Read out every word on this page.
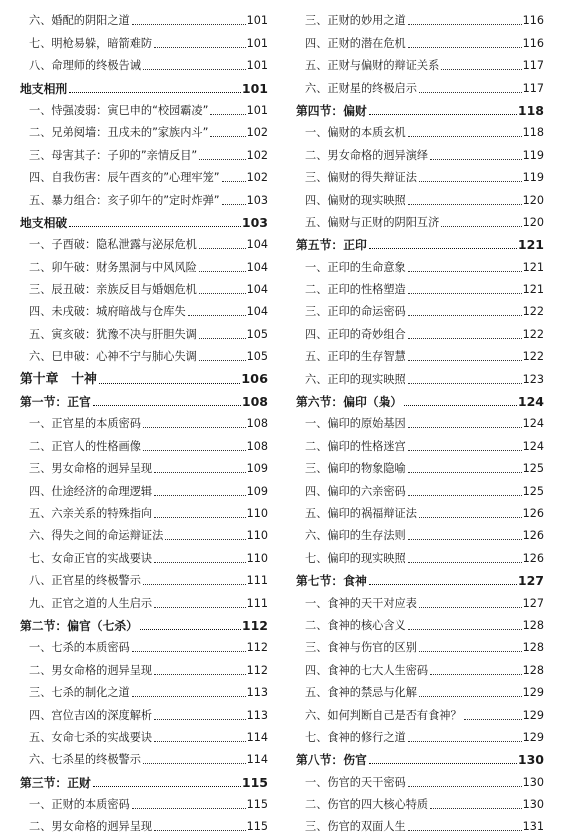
六、婚配的阴阳之道	101
七、明枪易躲，暗箭难防	101
八、命理师的终极告诫	101
地支相刑	101
一、恃强凌弱：寅巳申的“校园霸凌”	101
二、兄弟阋墙：丑戌未的”家族内斗”	102
三、母害其子：子卯的”亲情反目”	102
四、自我伤害：辰午酉亥的”心理牢笼” 102
五、暴力组合：亥子卯午的”定时炸弹” 103
地支相破	103
一、子酉破：隐私泄露与泌尿危机	104
二、卯午破：财务黑洞与中风风险	104
三、辰丑破：亲族反目与婚姻危机	104
四、未戌破：城府暗战与仓库失	104
五、寅亥破：犹豫不决与肝胆失调	105
六、巳申破：心神不宁与肺心失调	105
第十章　十神	106
第一节：正官	108
一、正官星的本质密码	108
二、正官人的性格画像	108
三、男女命格的迥异呈现	109
四、仕途经济的命理逻辑	109
五、六亲关系的特殊指向	110
六、得失之间的命运辩证法	110
七、女命正官的实战要诀	110
八、正官星的终极警示	111
九、正官之道的人生启示	111
第二节：偏官（七杀）	112
一、七杀的本质密码	112
二、男女命格的迥异呈现	112
三、七杀的制化之道	113
四、宫位吉凶的深度解析	113
五、女命七杀的实战要诀	114
六、七杀星的终极警示	114
第三节：正财	115
一、正财的本质密码	115
二、男女命格的迥异呈现	115
三、正财的妙用之道	116
四、正财的潜在危机	116
五、正财与偏财的辩证关系	117
六、正财星的终极启示	117
第四节：偏财	118
一、偏财的本质玄机	118
二、男女命格的迥异演绎	119
三、偏财的得失辩证法	119
四、偏财的现实映照	120
五、偏财与正财的阴阳互济	120
第五节：正印	121
一、正印的生命意象	121
二、正印的性格塑造	121
三、正印的命运密码	122
四、正印的奇妙组合	122
五、正印的生存智慧	122
六、正印的现实映照	123
第六节：偏印（枭）	124
一、偏印的原始基因	124
二、偏印的性格迷宫	124
三、偏印的物象隐喻	125
四、偏印的六亲密码	125
五、偏印的祸福辩证法	126
六、偏印的生存法则	126
七、偏印的现实映照	126
第七节：食神	127
一、食神的天干对应表	127
二、食神的核心含义	128
三、食神与伤官的区别	128
四、食神的七大人生密码	128
五、食神的禁忌与化解	129
六、如何判断自己是否有食神？	129
七、食神的修行之道	129
第八节：伤官	130
一、伤官的天干密码	130
二、伤官的四大核心特质	130
三、伤官的双面人生	131
